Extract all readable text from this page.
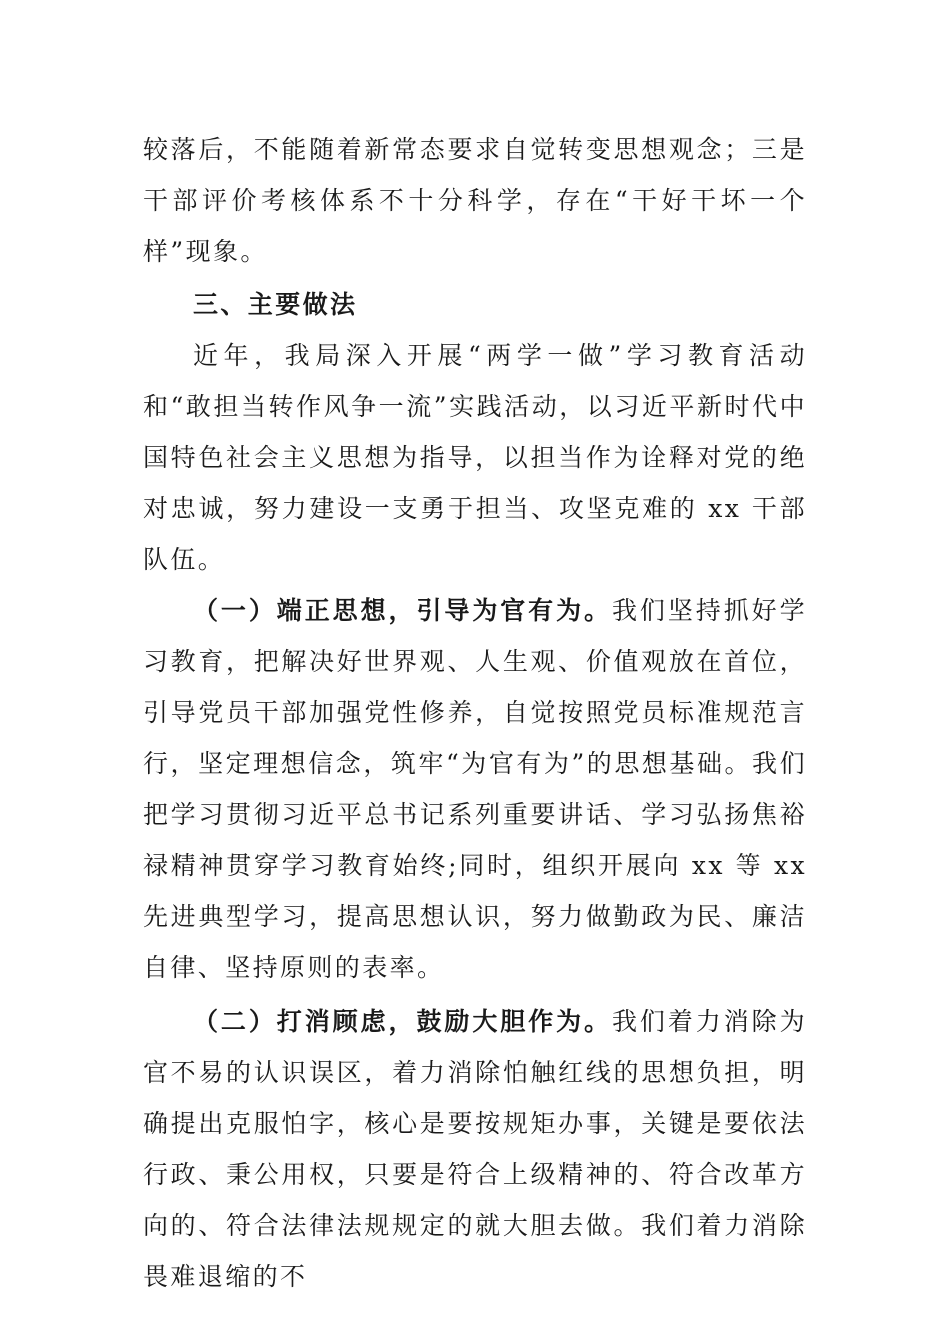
较落后，不能随着新常态要求自觉转变思想观念；三是干部评价考核体系不十分科学，存在“干好干坏一个样”现象。

三、主要做法

近年，我局深入开展“两学一做”学习教育活动和“敢担当转作风争一流”实践活动，以习近平新时代中国特色社会主义思想为指导，以担当作为诠释对党的绝对忠诚，努力建设一支勇于担当、攻坚克难的 xx 干部队伍。

（一）端正思想，引导为官有为。我们坚持抓好学习教育，把解决好世界观、人生观、价值观放在首位，引导党员干部加强党性修养，自觉按照党员标准规范言行，坚定理想信念，筑牢“为官有为”的思想基础。我们把学习贯彻习近平总书记系列重要讲话、学习弘扬焦裕禄精神贯穿学习教育始终;同时，组织开展向 xx 等 xx 先进典型学习，提高思想认识，努力做勤政为民、廉洁自律、坚持原则的表率。

（二）打消顾虑，鼓励大胆作为。我们着力消除为官不易的认识误区，着力消除怕触红线的思想负担，明确提出克服怕字，核心是要按规矩办事，关键是要依法行政、秉公用权，只要是符合上级精神的、符合改革方向的、符合法律法规规定的就大胆去做。我们着力消除畏难退缩的不
